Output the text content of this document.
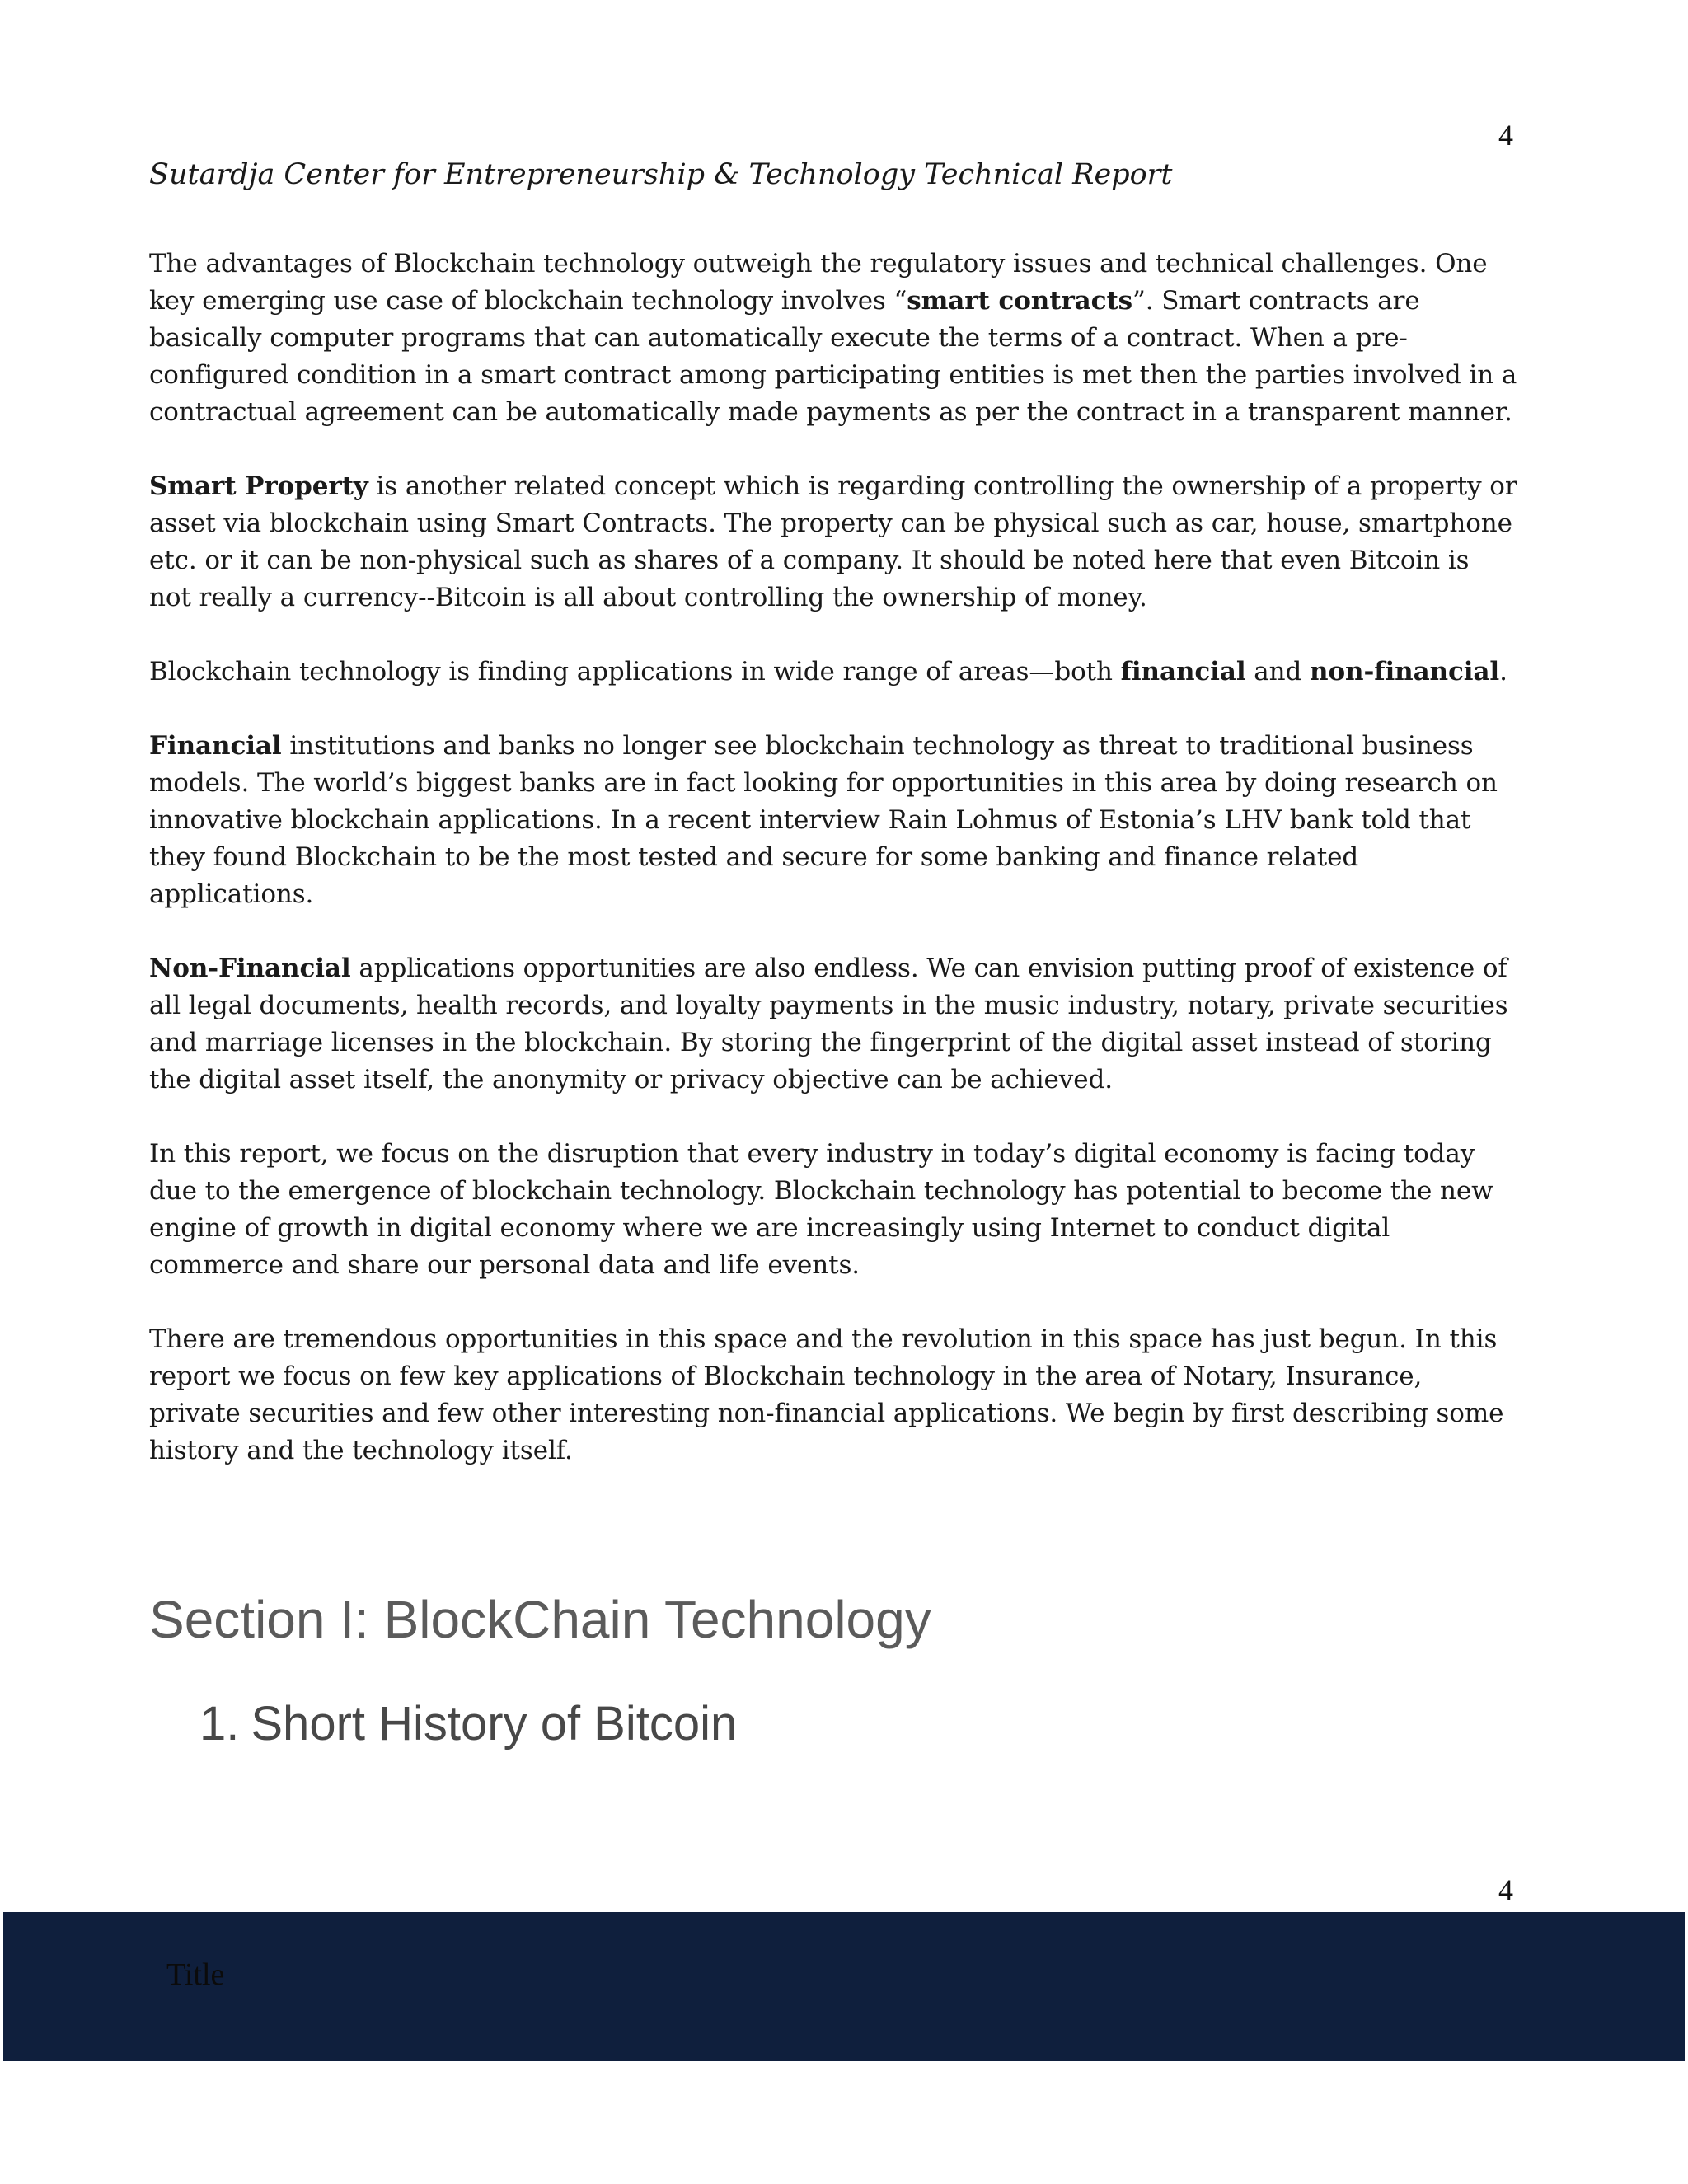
4
Sutardja Center for Entrepreneurship & Technology Technical Report

The advantages of Blockchain technology outweigh the regulatory issues and technical challenges. One key emerging use case of blockchain technology involves “smart contracts”. Smart contracts are basically computer programs that can automatically execute the terms of a contract. When a pre-configured condition in a smart contract among participating entities is met then the parties involved in a contractual agreement can be automatically made payments as per the contract in a transparent manner.

Smart Property is another related concept which is regarding controlling the ownership of a property or asset via blockchain using Smart Contracts. The property can be physical such as car, house, smartphone etc. or it can be non-physical such as shares of a company. It should be noted here that even Bitcoin is not really a currency--Bitcoin is all about controlling the ownership of money.

Blockchain technology is finding applications in wide range of areas—both financial and non-financial.

Financial institutions and banks no longer see blockchain technology as threat to traditional business models. The world’s biggest banks are in fact looking for opportunities in this area by doing research on innovative blockchain applications. In a recent interview Rain Lohmus of Estonia’s LHV bank told that they found Blockchain to be the most tested and secure for some banking and finance related applications.

Non-Financial applications opportunities are also endless. We can envision putting proof of existence of all legal documents, health records, and loyalty payments in the music industry, notary, private securities and marriage licenses in the blockchain. By storing the fingerprint of the digital asset instead of storing the digital asset itself, the anonymity or privacy objective can be achieved.

In this report, we focus on the disruption that every industry in today’s digital economy is facing today due to the emergence of blockchain technology. Blockchain technology has potential to become the new engine of growth in digital economy where we are increasingly using Internet to conduct digital commerce and share our personal data and life events.

There are tremendous opportunities in this space and the revolution in this space has just begun. In this report we focus on few key applications of Blockchain technology in the area of Notary, Insurance, private securities and few other interesting non-financial applications. We begin by first describing some history and the technology itself.

Section I: BlockChain Technology
1. Short History of Bitcoin
4
Title
